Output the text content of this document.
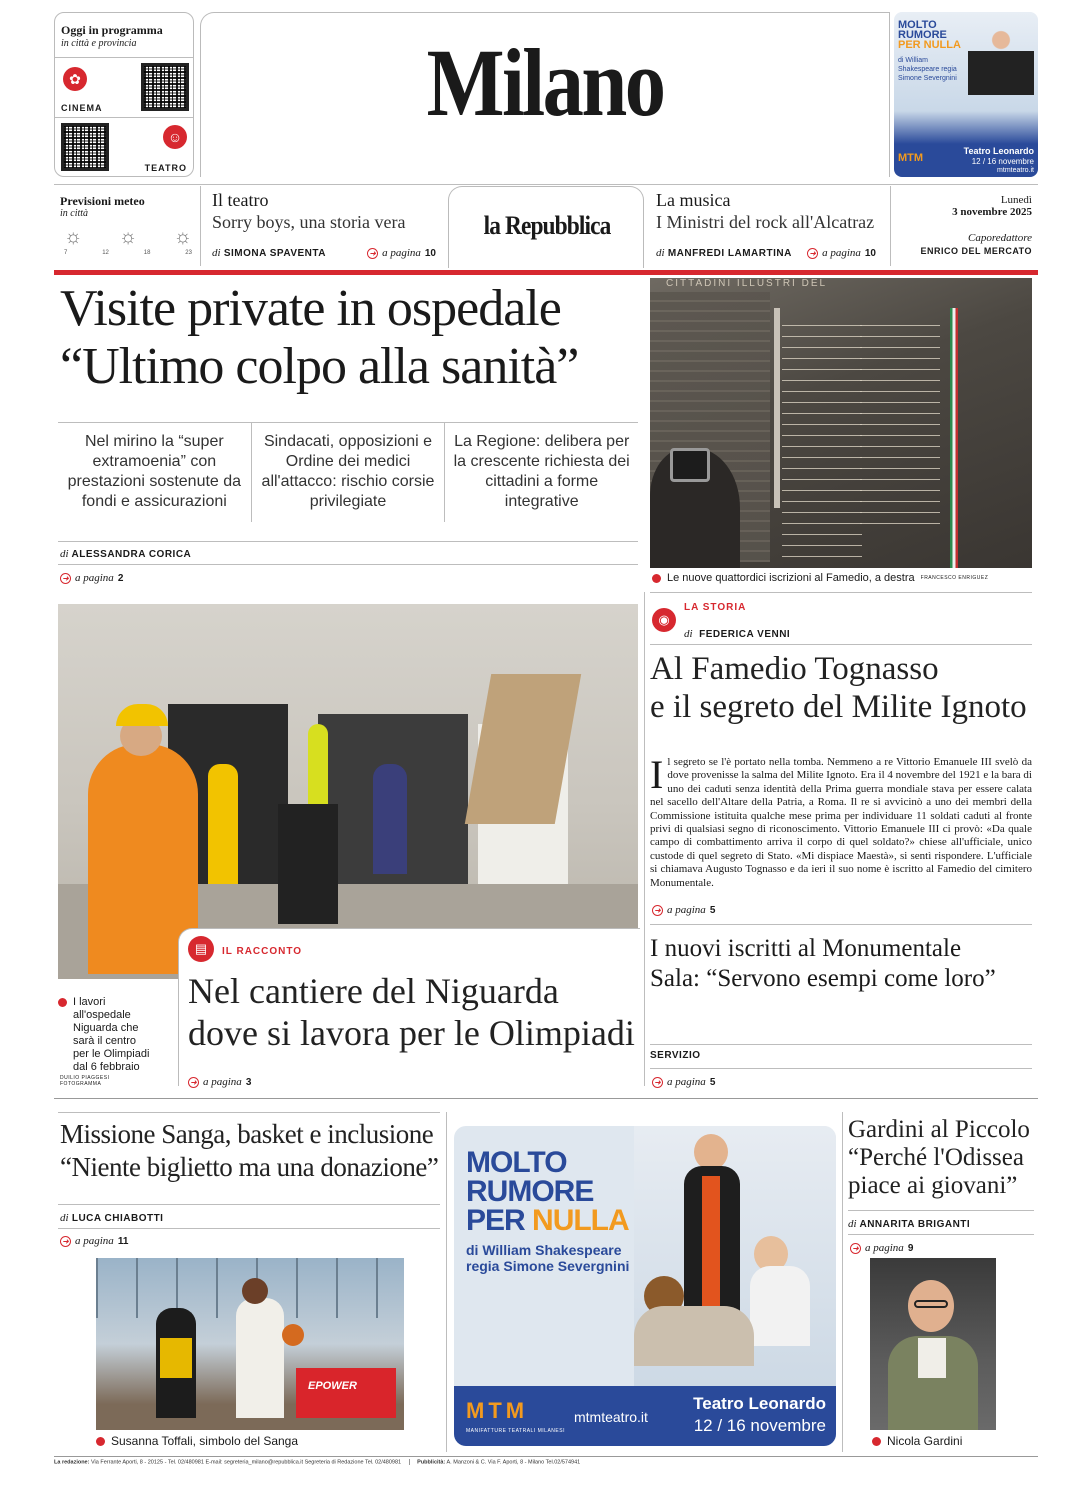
Oggi in programma
in città e provincia
✿
CINEMA
☺
TEATRO
Milano
MOLTO
RUMORE
PER NULLA
di William Shakespeare regia Simone Severgnini
MTM
Teatro Leonardo
12 / 16 novembre
mtmteatro.it
Previsioni meteo
in città
☼ ☼ ☼
7	12	18	23
Il teatro
Sorry boys, una storia vera
di SIMONA SPAVENTA	➜ a pagina 10
la Repubblica
La musica
I Ministri del rock all'Alcatraz
di MANFREDI LAMARTINA ➜ a pagina 10
Lunedì
3 novembre 2025
Caporedattore
ENRICO DEL MERCATO
Visite private in ospedale
“Ultimo colpo alla sanità”
Nel mirino la “super extramoenia” con prestazioni sostenute da fondi e assicurazioni
Sindacati, opposizioni e Ordine dei medici all'attacco: rischio corsie privilegiate
La Regione: delibera per la crescente richiesta dei cittadini a forme integrative
di ALESSANDRA CORICA
➜ a pagina 2
CITTADINI ILLUSTRI DEL
Le nuove quattordici iscrizioni al Famedio, a destra FRANCESCO ENRIGUEZ
◉
LA STORIA
di FEDERICA VENNI
Al Famedio Tognasso
e il segreto del Milite Ignoto
Il segreto se l'è portato nella tomba. Nemmeno a re Vittorio Emanuele III svelò da dove provenisse la salma del Milite Ignoto. Era il 4 novembre del 1921 e la bara di uno dei caduti senza identità della Prima guerra mondiale stava per essere calata nel sacello dell'Altare della Patria, a Roma. Il re si avvicinò a uno dei membri della Commissione istituita qualche mese prima per individuare 11 soldati caduti al fronte privi di qualsiasi segno di riconoscimento. Vittorio Emanuele III ci provò: «Da quale campo di combattimento arriva il corpo di quel soldato?» chiese all'ufficiale, unico custode di quel segreto di Stato. «Mi dispiace Maestà», si sentì rispondere. L'ufficiale si chiamava Augusto Tognasso e da ieri il suo nome è iscritto al Famedio del cimitero Monumentale.
➜ a pagina 5
I nuovi iscritti al Monumentale
Sala: “Servono esempi come loro”
SERVIZIO
➜ a pagina 5
I lavori all'ospedale Niguarda che sarà il centro per le Olimpiadi dal 6 febbraio
DUILIO PIAGGESI FOTOGRAMMA
▤	IL RACCONTO
Nel cantiere del Niguarda
dove si lavora per le Olimpiadi
➜ a pagina 3
Missione Sanga, basket e inclusione
“Niente biglietto ma una donazione”
di LUCA CHIABOTTI
➜ a pagina 11
EPOWER
Susanna Toffali, simbolo del Sanga
MOLTO
RUMORE
PER NULLA
di William Shakespeare
regia Simone Severgnini
MTM
MANIFATTURE TEATRALI MILANESI
mtmteatro.it
Teatro Leonardo
12 / 16 novembre
Gardini al Piccolo
“Perché l'Odissea
piace ai giovani”
di ANNARITA BRIGANTI
➜ a pagina 9
Nicola Gardini
La redazione: Via Ferrante Aporti, 8 - 20125 - Tel. 02/480981 E-mail: segreteria_milano@repubblica.it Segreteria di Redazione Tel. 02/480981	Pubblicità: A. Manzoni & C. Via F. Aporti, 8 - Milano Tel.02/574941
